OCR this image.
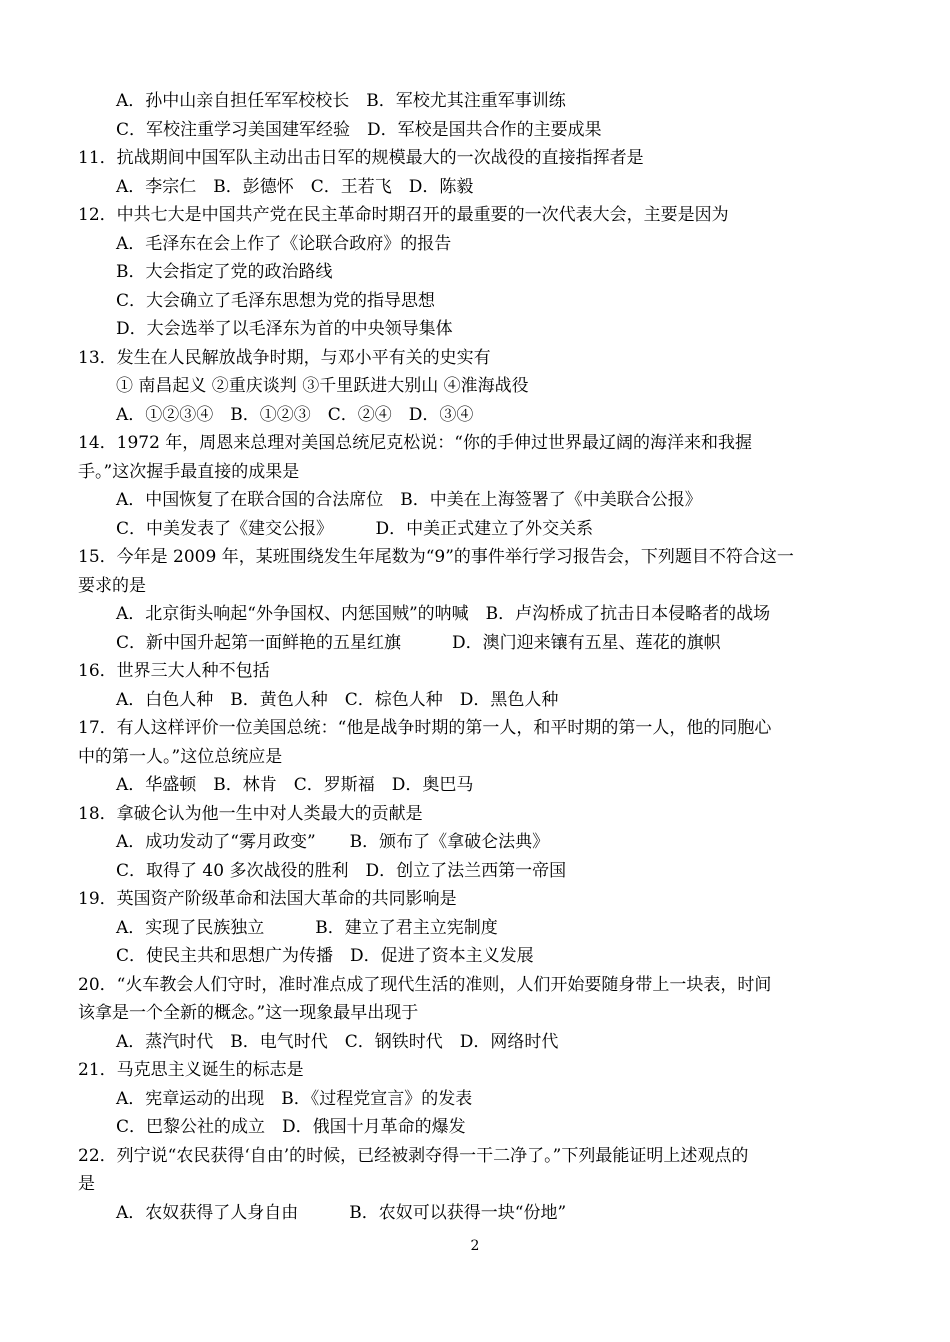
A．孙中山亲自担任军军校校长　B．军校尤其注重军事训练
C．军校注重学习美国建军经验　D．军校是国共合作的主要成果
11．抗战期间中国军队主动出击日军的规模最大的一次战役的直接指挥者是
A．李宗仁　B．彭德怀　C．王若飞　D．陈毅
12．中共七大是中国共产党在民主革命时期召开的最重要的一次代表大会，主要是因为
A．毛泽东在会上作了《论联合政府》的报告
B．大会指定了党的政治路线
C．大会确立了毛泽东思想为党的指导思想
D．大会选举了以毛泽东为首的中央领导集体
13．发生在人民解放战争时期，与邓小平有关的史实有
① 南昌起义 ②重庆谈判 ③千里跃进大别山 ④淮海战役
A．①②③④　B．①②③　C．②④　D．③④
14．1972 年，周恩来总理对美国总统尼克松说：“你的手伸过世界最辽阔的海洋来和我握
手。”这次握手最直接的成果是
A．中国恢复了在联合国的合法席位　B．中美在上海签署了《中美联合公报》
C．中美发表了《建交公报》　　　D．中美正式建立了外交关系
15．今年是 2009 年，某班围绕发生年尾数为“9”的事件举行学习报告会，下列题目不符合这一
要求的是
A．北京街头响起“外争国权、内惩国贼”的呐喊　B．卢沟桥成了抗击日本侵略者的战场
C．新中国升起第一面鲜艳的五星红旗　　　D．澳门迎来镶有五星、莲花的旗帜
16．世界三大人种不包括
A．白色人种　B．黄色人种　C．棕色人种　D．黑色人种
17．有人这样评价一位美国总统：“他是战争时期的第一人，和平时期的第一人，他的同胞心
中的第一人。”这位总统应是
A．华盛顿　B．林肯　C．罗斯福　D．奥巴马
18．拿破仑认为他一生中对人类最大的贡献是
A．成功发动了“雾月政变”　　B．颁布了《拿破仑法典》
C．取得了 40 多次战役的胜利　D．创立了法兰西第一帝国
19．英国资产阶级革命和法国大革命的共同影响是
A．实现了民族独立　　　B．建立了君主立宪制度
C．使民主共和思想广为传播　D．促进了资本主义发展
20．“火车教会人们守时，准时准点成了现代生活的准则，人们开始要随身带上一块表，时间
该拿是一个全新的概念。”这一现象最早出现于
A．蒸汽时代　B．电气时代　C．钢铁时代　D．网络时代
21．马克思主义诞生的标志是
A．宪章运动的出现　B．《过程党宣言》的发表
C．巴黎公社的成立　D．俄国十月革命的爆发
22．列宁说“农民获得‘自由’的时候，已经被剥夺得一干二净了。”下列最能证明上述观点的
是
A．农奴获得了人身自由　　　B．农奴可以获得一块“份地”
2
